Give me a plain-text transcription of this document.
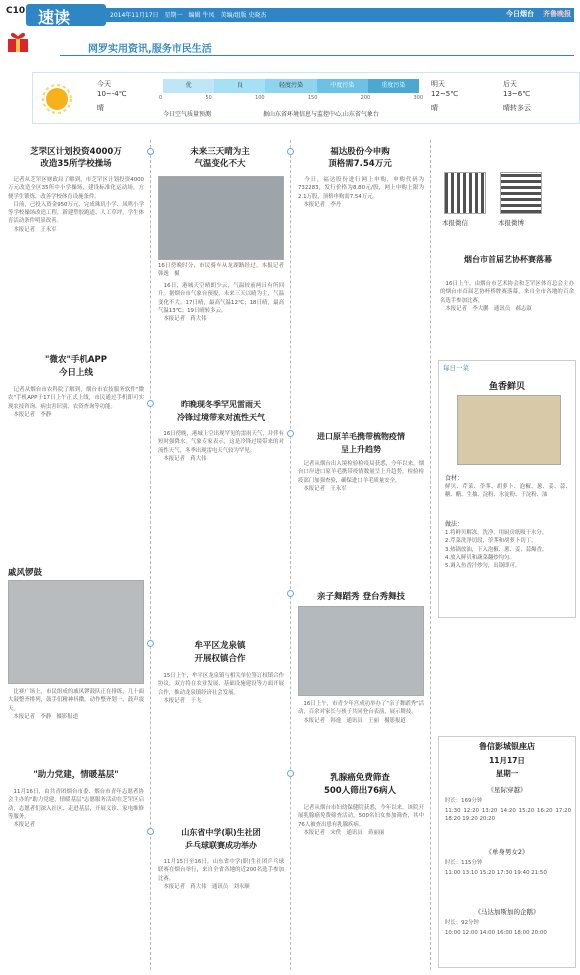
C10 速读	2014年11月17日　星期一　编辑 牛凤　美编/组版 史晓杰	今日烟台 齐鲁晚报
网罗实用资讯,服务市民生活
今天
10~-4℃
晴
优	良	轻度污染	中度污染	重度污染
0	50	100	150	200	300
今日空气质量预测	据山东省环境信息与监控中心,山东省气象台
明天
12~5℃
晴
后天
13~6℃
晴转多云
芝罘区计划投资4000万
改造35所学校操场
　记者从芝罘区财政局了解到，市芝罘区计划投资4000万元改造全区35所中小学操场，建设标准化运动场，方便学生锻炼，改善学校体育设施条件。
　目前，已投入资金950万元，完成珠玑小学、凤鸣小学等学校操场改造工程，新建塑胶跑道、人工草坪，学生体育活动条件明显改善。
　本报记者　王永军
"微农"手机APP
今日上线
　记者从烟台市农科院了解到，烟台市农技服务软件"微农"手机APP于17日上午正式上线，市民通过手机即可实现农技咨询、病虫害识别、农资查询等功能。
　本报记者　李静
戚风锣鼓
　比赛广场上，市民组成的戚风锣鼓队正在排练，几十面大鼓整齐排列，鼓手们精神抖擞，动作整齐划一，鼓声震天。
　本报记者　李静　摄影报道
"助力党建，情暖基层"
　11月16日，由共青团烟台市委、烟台市青年志愿者协会主办的"助力党建，情暖基层"志愿服务活动在芝罘区启动，志愿者们深入社区、走进基层，开展义诊、家电维修等服务。
　本报记者
未来三天晴为主
气温变化不大
16日傍晚时分，市民骑车从龙湖路经过。本报记者　韩逸　摄
　16日，港城天空晴朗少云，气温较前两日有所回升。据烟台市气象台预报，未来三天以晴为主，气温变化不大。17日晴，最高气温12℃；18日晴，最高气温13℃；19日晴转多云。
　本报记者　蒋大伟
昨晚现冬季罕见雷雨天
冷锋过境带来对流性天气
　16日傍晚，港城上空出现罕见的雷雨天气，并伴有短时强降水。气象专家表示，这是冷锋过境带来的对流性天气，冬季出现雷电天气较为罕见。
　本报记者　蒋大伟
牟平区龙泉镇
开展权镇合作
　15日上午，牟平区龙泉镇与相关单位签订权镇合作协议，双方将在农业发展、基础设施建设等方面开展合作，推动龙泉镇经济社会发展。
　本报记者　于飞
山东省中学(职)生社团
乒乓球联赛成功举办
　11月15日至16日，山东省中学(职)生社团乒乓球联赛在烟台举行，来自全省各地的近200名选手参加比赛。
　本报记者　蒋大伟　通讯员　刘永顺
福达股份今申购
顶格需7.54万元
　今日，福达股份进行网上申购，申购代码为732283，发行价格为8.80元/股，网上申购上限为2.1万股，顶格申购需7.54万元。
　本报记者　李丹
进口原羊毛携带梳物疫情
呈上升趋势
　记者从烟台出入境检验检疫局获悉，今年以来，烟台口岸进口原羊毛携带疫情数量呈上升趋势，检验检疫部门加强查验，确保进口羊毛质量安全。
　本报记者　王永军
亲子舞蹈秀 登台秀舞技
　16日上午，市青少年宫成功举办了"亲子舞蹈秀"活动，百余对家长与孩子共同登台表演，展示舞技。
　本报记者　韩逸　通讯员　王丽　摄影报道
乳腺癌免费筛查
500人筛出76病人
　记者从烟台市妇幼保健院获悉，今年以来，该院开展乳腺癌免费筛查活动，500名妇女参加筛查，其中76人被查出患有乳腺疾病。
　本报记者　宋佚　通讯员　蒋丽丽
本报微信	本报微博
烟台市首届艺协杯赛落幕
　16日上午，由烟台市艺术协会和芝罘区体育总会主办的烟台市首届艺协杯桥牌赛落幕，来自全市各地的百余名选手参加比赛。
　本报记者　李大鹏　通讯员　郝志淑
每日一菜
鱼香鲜贝
食材：
鲜贝、芹菜、荸荠、胡萝卜、泡椒、葱、姜、蒜、糖、醋、生抽、淀粉、水淀粉、干淀粉、油
做法：
1.将鲜贝解冻，洗净，用厨房纸吸干水分。
2.芹菜洗净切段，荸荠和胡萝卜切丁。
3.热锅放油，下入泡椒、葱、姜、蒜爆香。
4.放入鲜贝和蔬菜翻炒均匀。
5.调入鱼香汁炒匀，出锅即可。
鲁信影城银座店
11月17日
星期一
《星际穿越》
时长：169分钟
11:30 12:20 13:20 14:20 15:20 16:20 17:20 18:20 19:20 20:20
《单身男女2》
时长：115分钟
11:00 13:10 15:20 17:30 19:40 21:50
《马达加斯加的企鹅》
时长：92分钟
10:00 12:00 14:00 16:00 18:00 20:00
